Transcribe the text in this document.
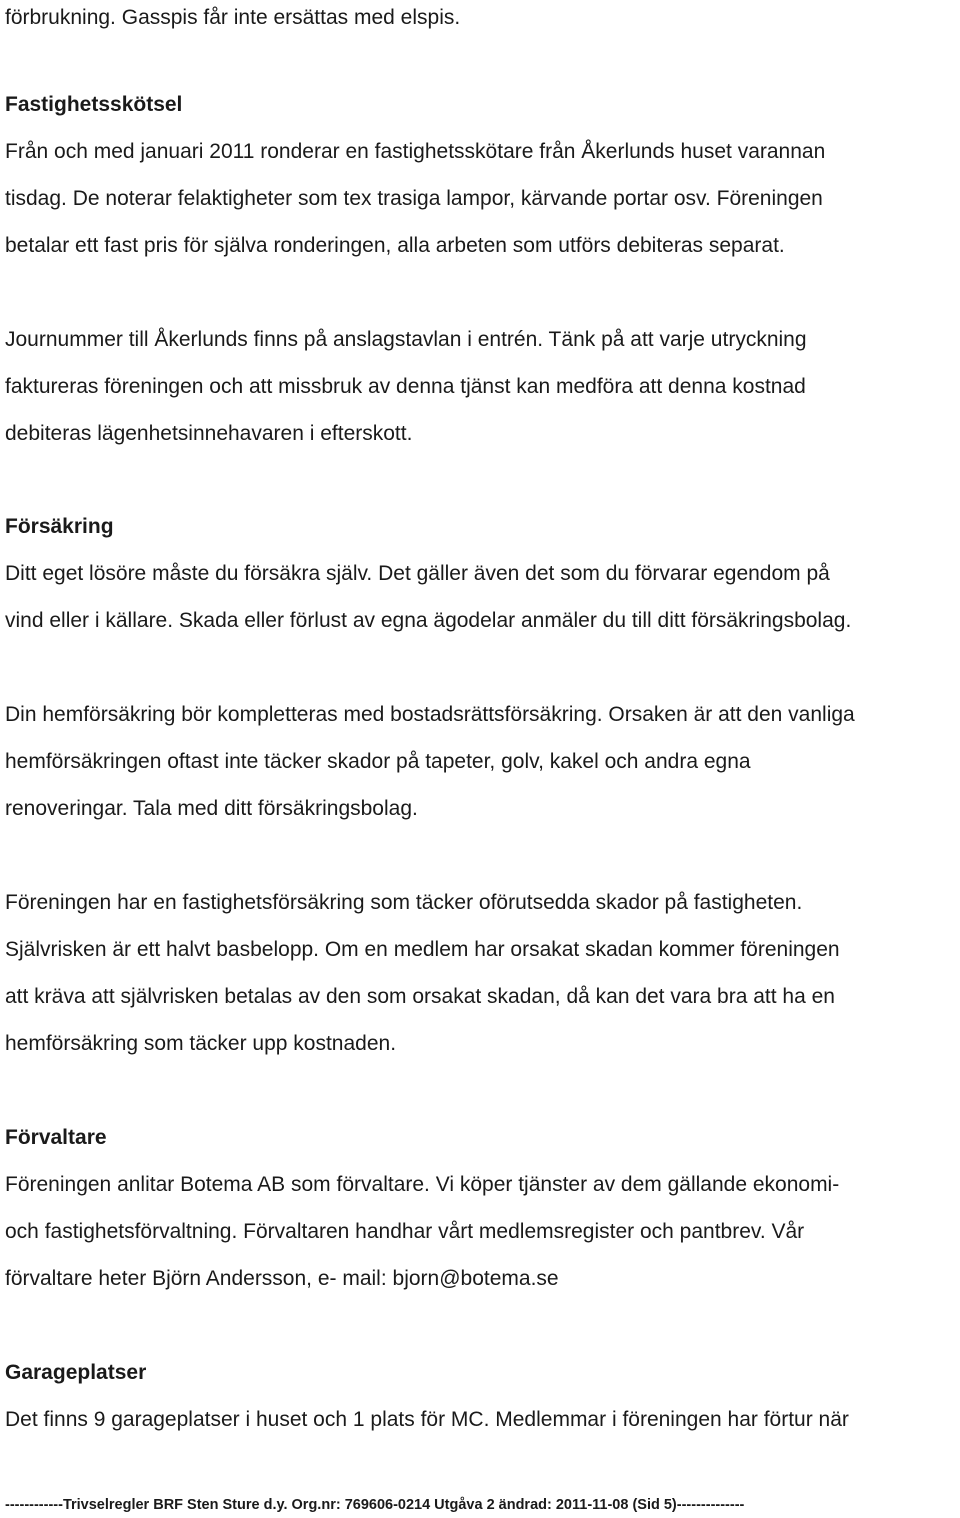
förbrukning. Gasspis får inte ersättas med elspis.
Fastighetsskötsel
Från och med januari 2011 ronderar en fastighetsskötare från Åkerlunds huset varannan
tisdag. De noterar felaktigheter som tex trasiga lampor, kärvande portar osv. Föreningen
betalar ett fast pris för själva ronderingen, alla arbeten som utförs debiteras separat.
Journummer till Åkerlunds finns på anslagstavlan i entrén. Tänk på att varje utryckning
faktureras föreningen och att missbruk av denna tjänst kan medföra att denna kostnad
debiteras lägenhetsinnehavaren i efterskott.
Försäkring
Ditt eget lösöre måste du försäkra själv. Det gäller även det som du förvarar egendom på
vind eller i källare. Skada eller förlust av egna ägodelar anmäler du till ditt försäkringsbolag.
Din hemförsäkring bör kompletteras med bostadsrättsförsäkring. Orsaken är att den vanliga
hemförsäkringen oftast inte täcker skador på tapeter, golv, kakel och andra egna
renoveringar. Tala med ditt försäkringsbolag.
Föreningen har en fastighetsförsäkring som täcker oförutsedda skador på fastigheten.
Självrisken är ett halvt basbelopp. Om en medlem har orsakat skadan kommer föreningen
att kräva att självrisken betalas av den som orsakat skadan, då kan det vara bra att ha en
hemförsäkring som täcker upp kostnaden.
Förvaltare
Föreningen anlitar Botema AB som förvaltare. Vi köper tjänster av dem gällande ekonomi-
och fastighetsförvaltning. Förvaltaren handhar vårt medlemsregister och pantbrev. Vår
förvaltare heter Björn Andersson, e- mail: bjorn@botema.se
Garageplatser
Det finns 9 garageplatser i huset och 1 plats för MC. Medlemmar i föreningen har förtur när
------------Trivselregler BRF Sten Sture d.y. Org.nr: 769606-0214 Utgåva 2 ändrad: 2011-11-08 (Sid 5)--------------
